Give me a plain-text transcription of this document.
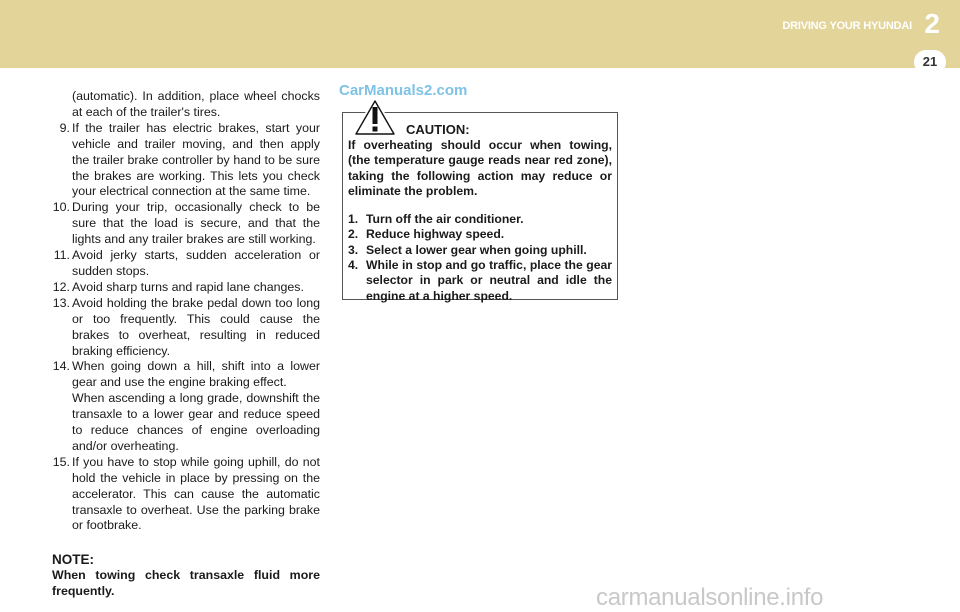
DRIVING YOUR HYUNDAI 2
21

(automatic). In addition, place wheel chocks at each of the trailer's tires.

9. If the trailer has electric brakes, start your vehicle and trailer moving, and then apply the trailer brake controller by hand to be sure the brakes are working. This lets you check your electrical connection at the same time.
10. During your trip, occasionally check to be sure that the load is secure, and that the lights and any trailer brakes are still working.
11. Avoid jerky starts, sudden acceleration or sudden stops.
12. Avoid sharp turns and rapid lane changes.
13. Avoid holding the brake pedal down too long or too frequently. This could cause the brakes to overheat, resulting in reduced braking efficiency.
14. When going down a hill, shift into a lower gear and use the engine braking effect.
When ascending a long grade, downshift the transaxle to a lower gear and reduce speed to reduce chances of engine overloading and/or overheating.
15. If you have to stop while going uphill, do not hold the vehicle in place by pressing on the accelerator. This can cause the automatic transaxle to overheat. Use the parking brake or footbrake.
NOTE:
When towing check transaxle fluid more frequently.
CarManuals2.com
CAUTION:
If overheating should occur when towing, (the temperature gauge reads near red zone), taking the following action may reduce or eliminate the problem.
1. Turn off the air conditioner.
2. Reduce highway speed.
3. Select a lower gear when going uphill.
4. While in stop and go traffic, place the gear selector in park or neutral and idle the engine at a higher speed.
carmanualsonline.info
